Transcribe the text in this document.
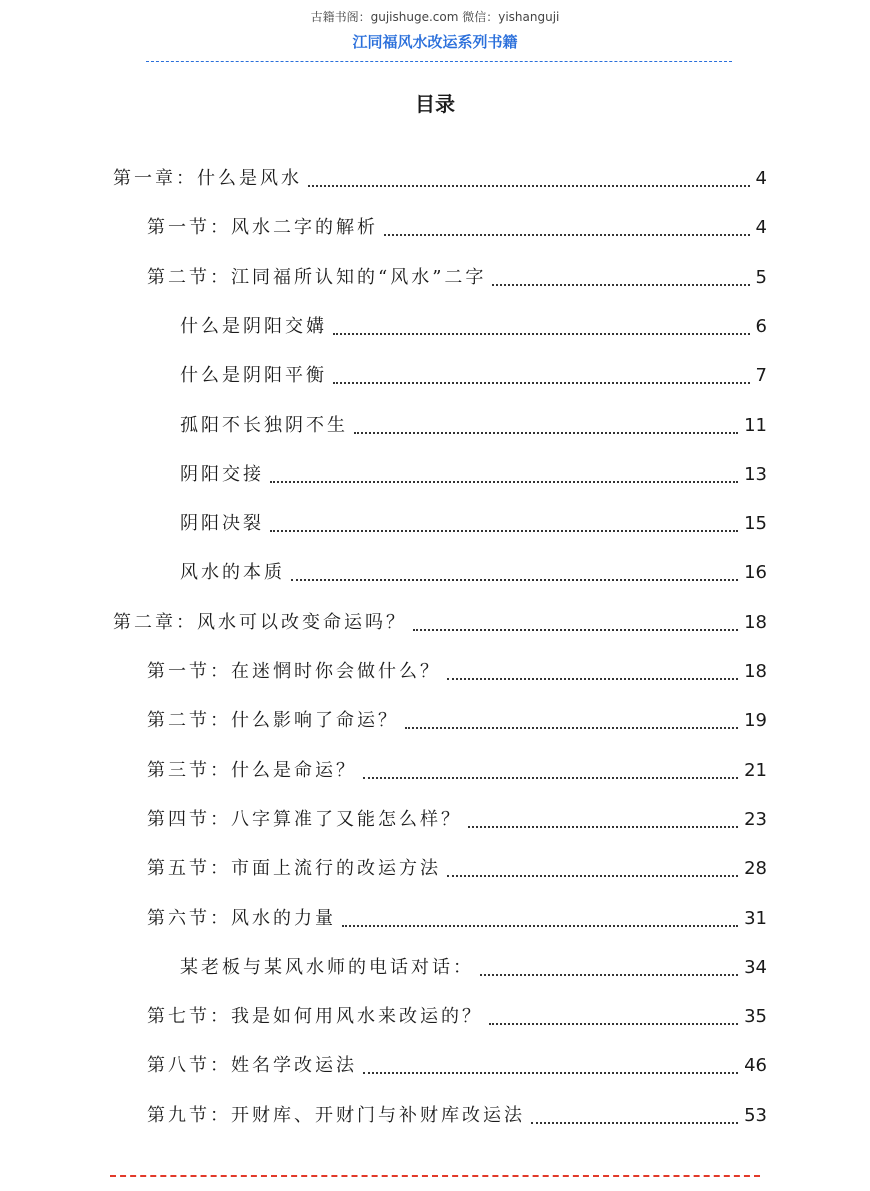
古籍书阁：gujishuge.com 微信：yishanguji
江同福风水改运系列书籍
目录
第一章：什么是风水	4
第一节：风水二字的解析	4
第二节：江同福所认知的“风水”二字	5
什么是阴阳交媾	6
什么是阴阳平衡	7
孤阳不长独阴不生	11
阴阳交接	13
阴阳决裂	15
风水的本质	16
第二章：风水可以改变命运吗？	18
第一节：在迷惘时你会做什么？	18
第二节：什么影响了命运？	19
第三节：什么是命运？	21
第四节：八字算准了又能怎么样？	23
第五节：市面上流行的改运方法	28
第六节：风水的力量	31
某老板与某风水师的电话对话：	34
第七节：我是如何用风水来改运的？	35
第八节：姓名学改运法	46
第九节：开财库、开财门与补财库改运法	53
